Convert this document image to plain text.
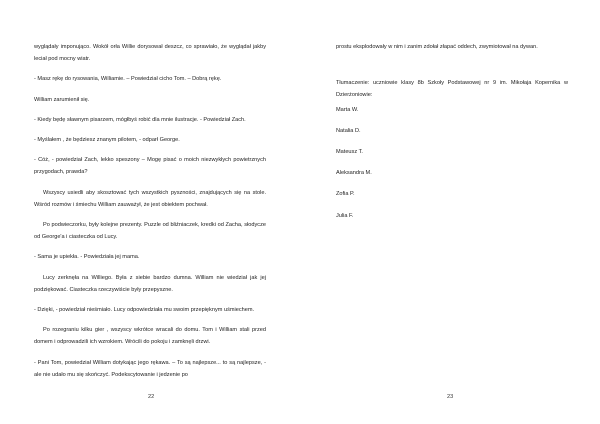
wyglądały imponująco. Wokół orła Willie dorysował deszcz, co sprawiało, że wyglądał jakby leciał pod mocny wiatr.

- Masz rękę do rysowania, Williamie. – Powiedział cicho Tom. – Dobrą rękę.

William zarumienił się.

- Kiedy będę sławnym pisarzem, mógłbyś robić dla mnie ilustracje. - Powiedział Zach.

- Myślałem , że będziesz znanym pilotem, - odparł George.

- Cóż, - powiedział Zach, lekko speszony – Mogę pisać o moich niezwykłych powietrznych przygodach, prawda?

Wszyscy usiedli aby skosztować tych wszystkich pyszności, znajdujących się na stole. Wśród rozmów i śmiechu William zauważył, że jest obiektem pochwał.

Po podwieczorku, były kolejne prezenty. Puzzle od bliźniaczek, kredki od Zacha, słodycze od George'a i ciasteczka od Lucy.

- Sama je upiekła. - Powiedziała jej mama.

Lucy zerknęła na Williego. Była z siebie bardzo dumna. William nie wiedział jak jej podziękować. Ciasteczka rzeczywiście były przepyszne.

- Dzięki, - powiedział nieśmiało. Lucy odpowiedziała mu swoim przepięknym uśmiechem.

Po rozegraniu kilku gier , wszyscy wkrótce wracali do domu. Tom i William stali przed domem i odprowadzili ich wzrokiem. Wrócili do pokoju i zamknęli drzwi.

- Pani Tom, powiedział William dotykając jego rękawa. – To są najlepsze... to są najlepsze, - ale nie udało mu się skończyć. Podekscytowanie i jedzenie po

22

prostu eksplodowały w nim i zanim zdołał złapać oddech, zwymiotował na dywan.

Tłumaczenie: uczniowie klasy 8b Szkoły Podstawowej nr 9 im. Mikołaja Kopernika w Dzierżoniowie:

Marta W.

Natalia D.

Mateusz T.

Aleksandra M.

Zofia P.

Julia F.

23
